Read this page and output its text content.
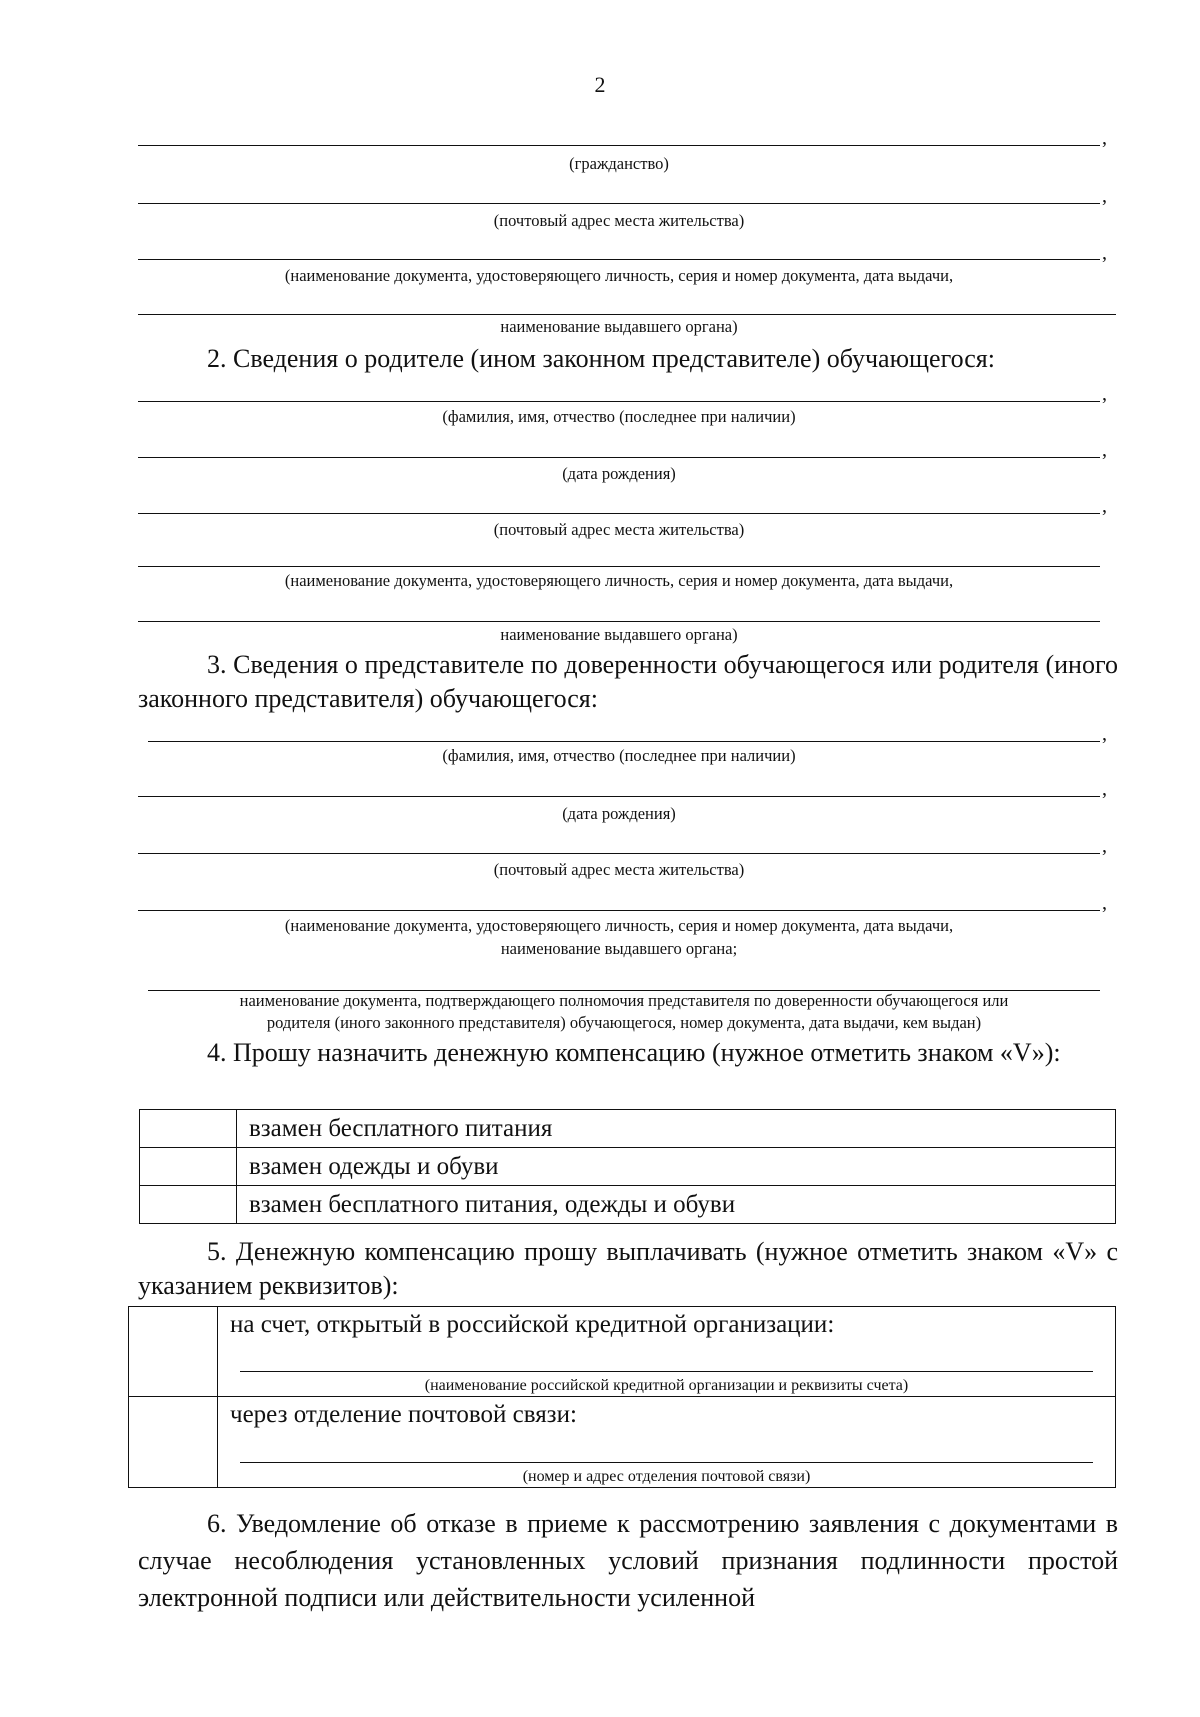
2
,
(гражданство)
,
(почтовый адрес места жительства)
,
(наименование документа, удостоверяющего личность, серия и номер документа, дата выдачи,
наименование выдавшего органа)
2. Сведения о родителе (ином законном представителе) обучающегося:
,
(фамилия, имя, отчество (последнее при наличии)
,
(дата рождения)
,
(почтовый адрес места жительства)
(наименование документа, удостоверяющего личность, серия и номер документа, дата выдачи,
наименование выдавшего органа)
3. Сведения о представителе по доверенности обучающегося или родителя (иного законного представителя) обучающегося:
,
(фамилия, имя, отчество (последнее при наличии)
,
(дата рождения)
,
(почтовый адрес места жительства)
,
(наименование документа, удостоверяющего личность, серия и номер документа, дата выдачи,
наименование выдавшего органа;
наименование документа, подтверждающего полномочия представителя по доверенности обучающегося или
родителя (иного законного представителя) обучающегося, номер документа, дата выдачи, кем выдан)
4. Прошу назначить денежную компенсацию (нужное отметить знаком «V»):
	взамен бесплатного питания
	взамен одежды и обуви
	взамен бесплатного питания, одежды и обуви
5. Денежную компенсацию прошу выплачивать (нужное отметить знаком «V» с указанием реквизитов):

	на счет, открытый в российской кредитной организации:
(наименование российской кредитной организации и реквизиты счета)

	через отделение почтовой связи:
(номер и адрес отделения почтовой связи)
6. Уведомление об отказе в приеме к рассмотрению заявления с документами в случае несоблюдения установленных условий признания подлинности простой электронной подписи или действительности усиленной
